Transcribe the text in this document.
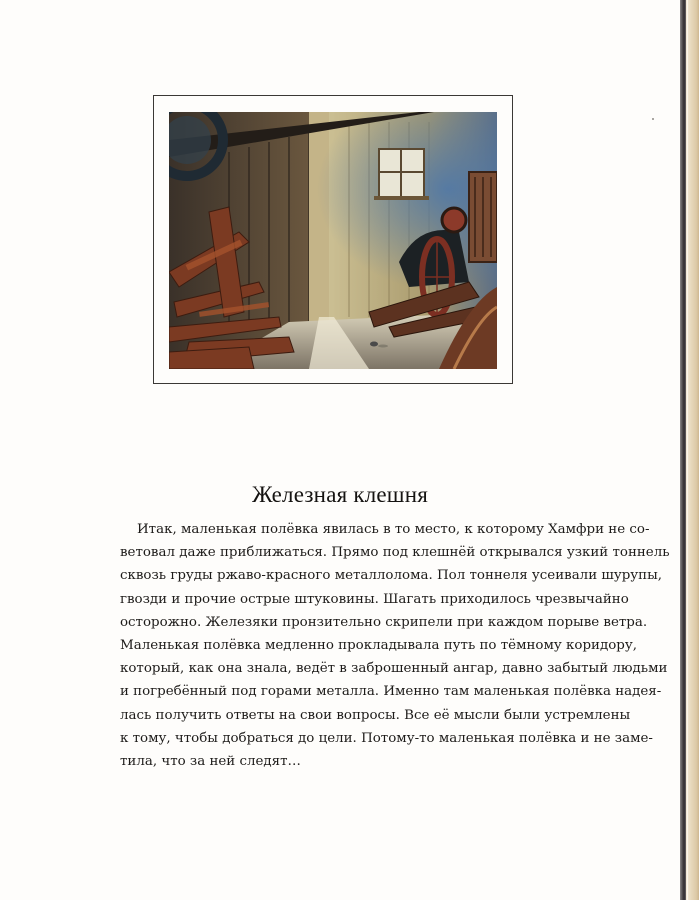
Железная клешня
Итак, маленькая полёвка явилась в то место, к которому Хамфри не со-
ветовал даже приближаться. Прямо под клешнёй открывался узкий тоннель
сквозь груды ржаво-красного металлолома. Пол тоннеля усеивали шурупы,
гвозди и прочие острые штуковины. Шагать приходилось чрезвычайно
осторожно. Железяки пронзительно скрипели при каждом порыве ветра.
Маленькая полёвка медленно прокладывала путь по тёмному коридору,
который, как она знала, ведёт в заброшенный ангар, давно забытый людьми
и погребённый под горами металла. Именно там маленькая полёвка надея-
лась получить ответы на свои вопросы. Все её мысли были устремлены
к тому, чтобы добраться до цели. Потому-то маленькая полёвка и не заме-
тила, что за ней следят…
